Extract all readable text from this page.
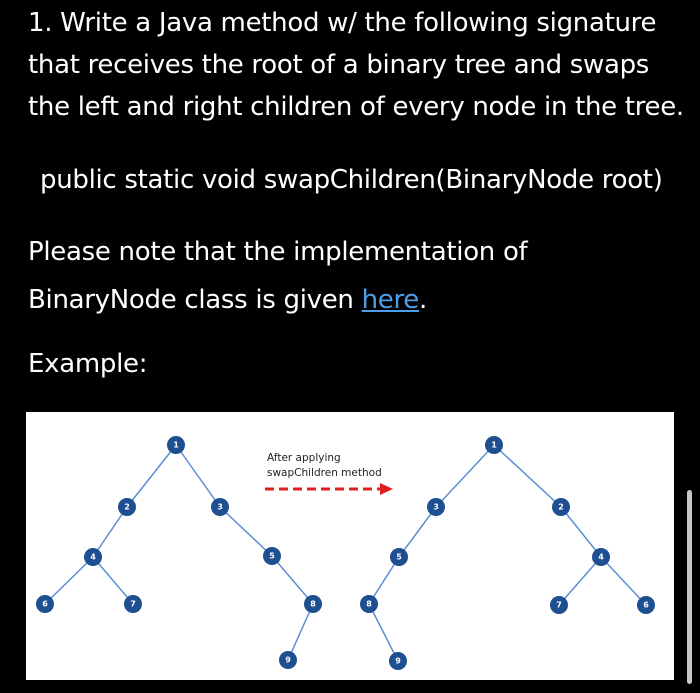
1. Write a Java method w/ the following signature that receives the root of a binary tree and swaps the left and right children of every node in the tree.

public static void swapChildren(BinaryNode root)

Please note that the implementation of BinaryNode class is given here.

Example:
1
2	3
4
7
6
5
8
9
1
3	2
5	4
8	7	6
9
After applying
swapChildren method
